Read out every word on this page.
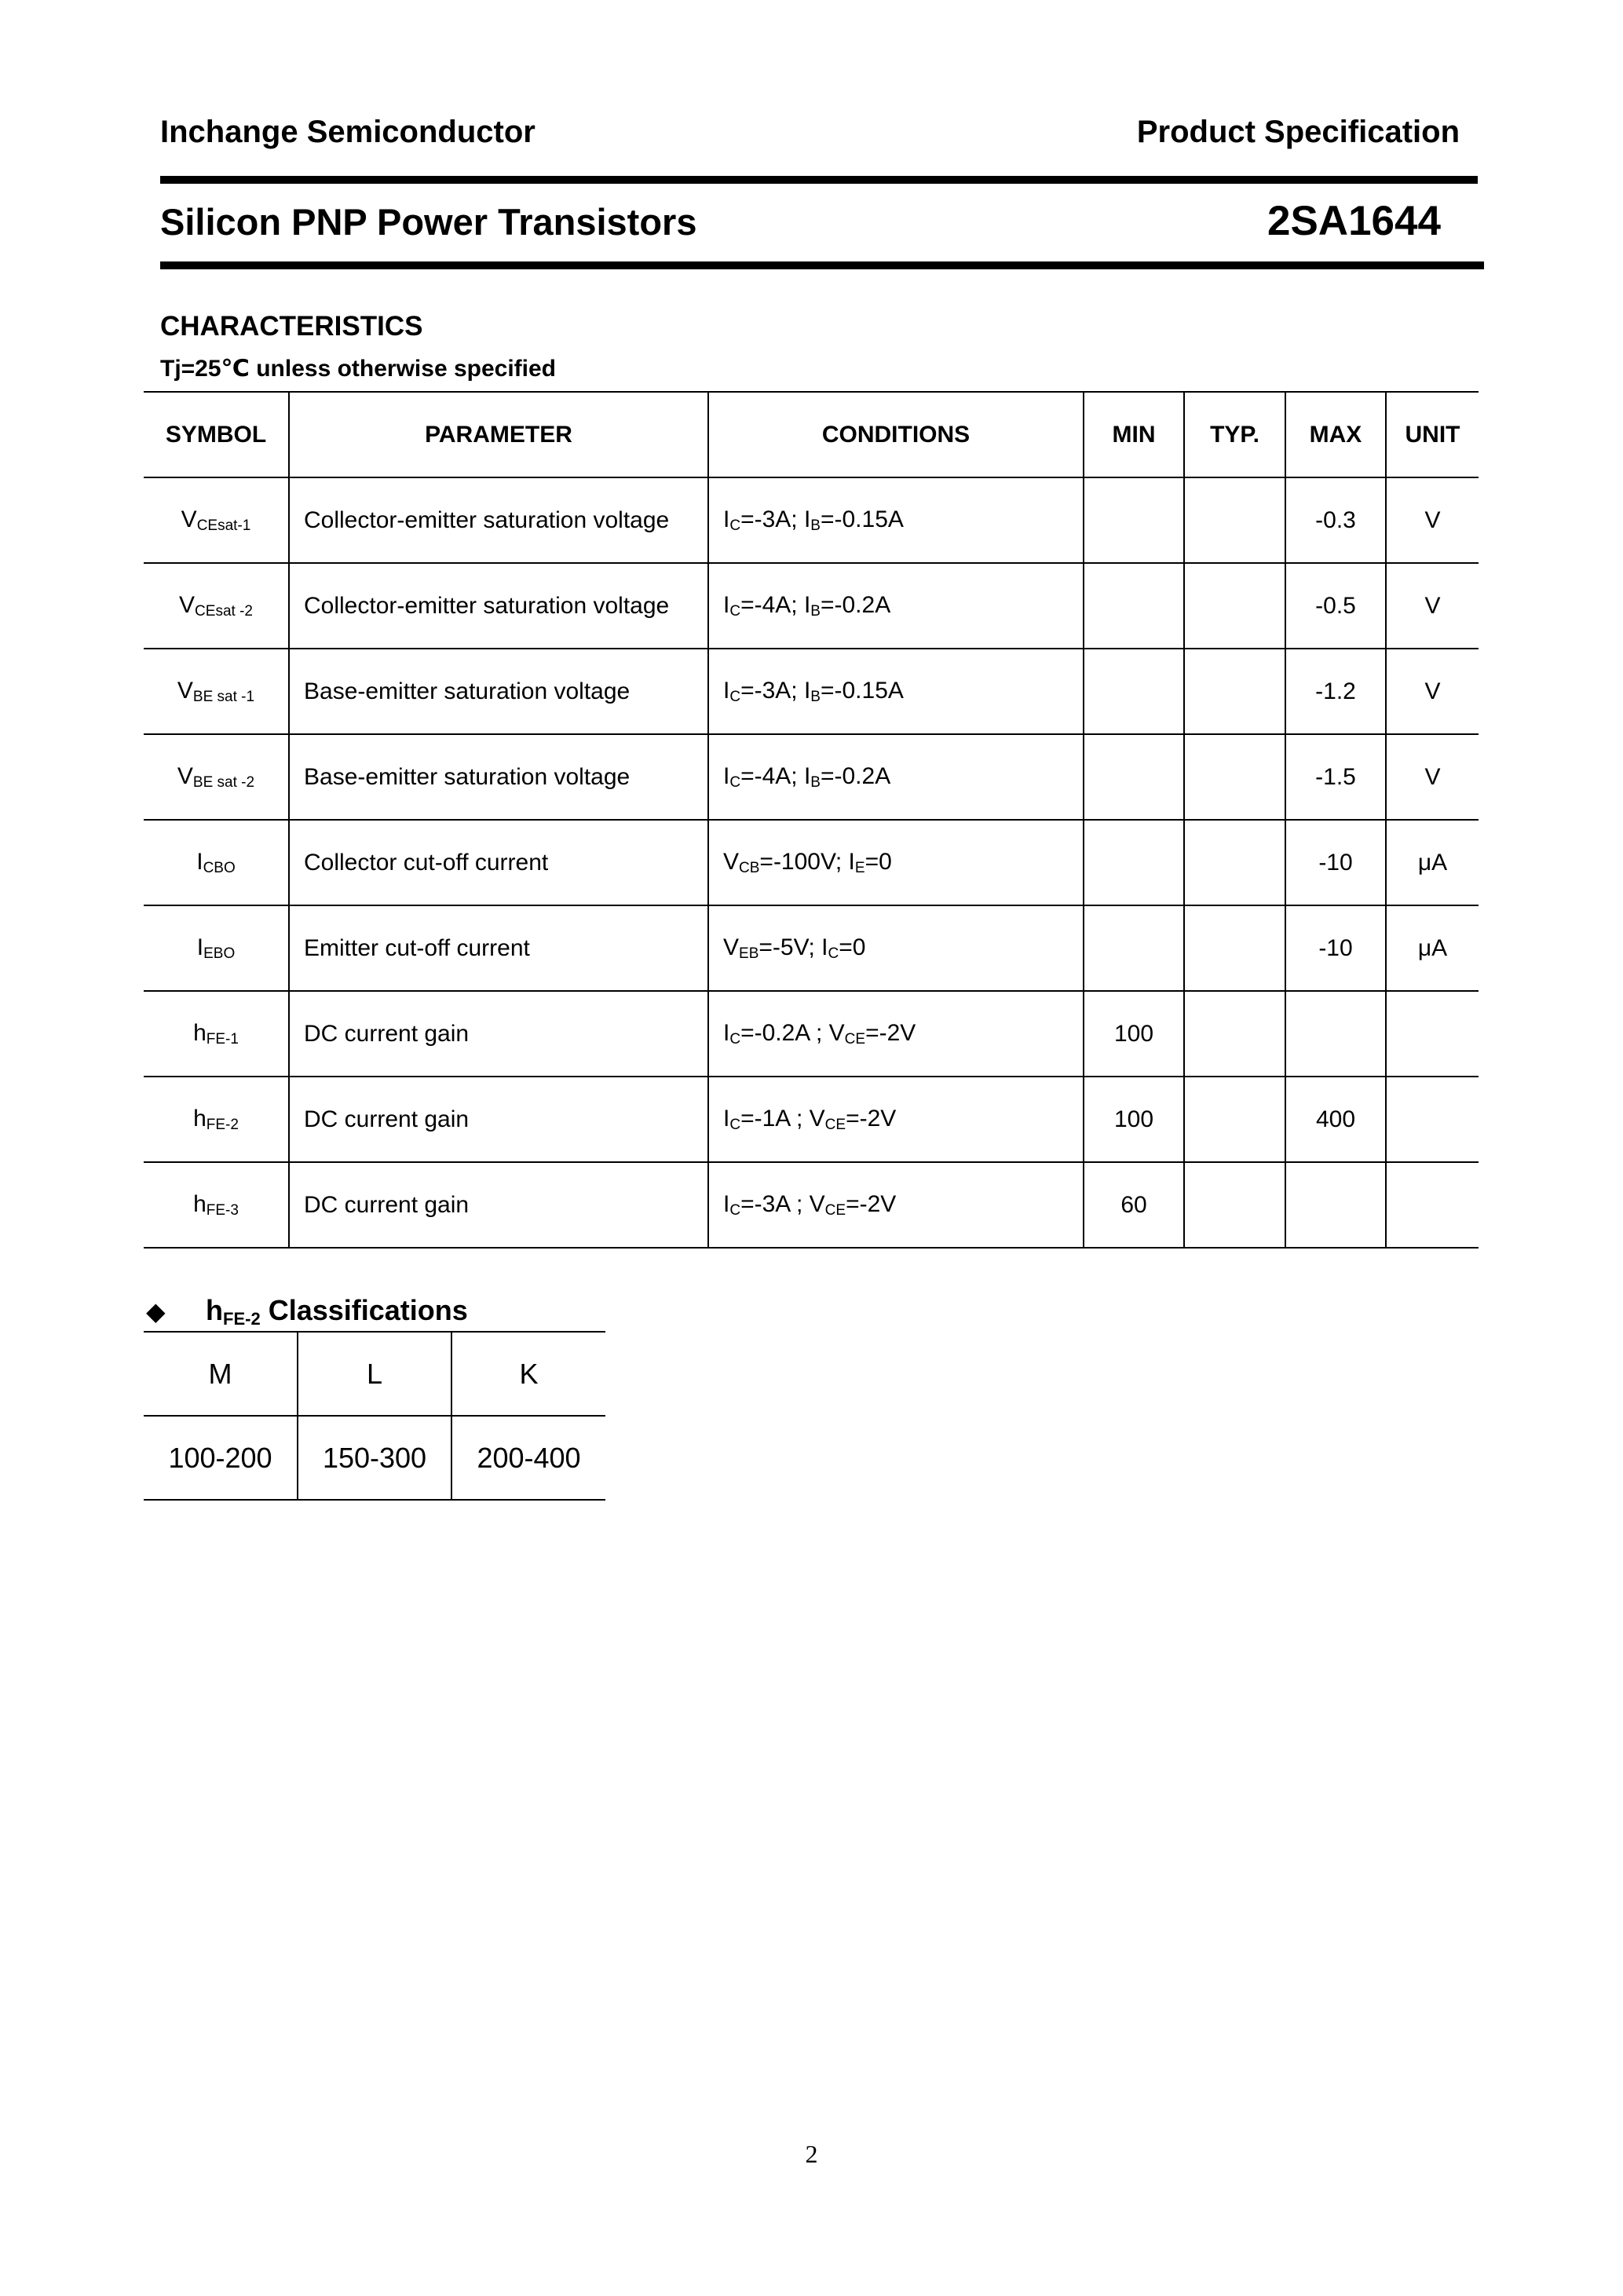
Inchange Semiconductor	Product Specification
Silicon PNP Power Transistors	2SA1644
CHARACTERISTICS
Tj=25℃ unless otherwise specified
SYMBOL	PARAMETER	CONDITIONS	MIN	TYP.	MAX	UNIT
$V_{CEsat-1}$	Collector-emitter saturation voltage	$I_C=-3A$; $I_B=-0.15A$			-0.3	V
$V_{CEsat -2}$	Collector-emitter saturation voltage	$I_C=-4A$; $I_B=-0.2A$			-0.5	V
$V_{BE sat -1}$	Base-emitter saturation voltage	$I_C=-3A$; $I_B=-0.15A$			-1.2	V
$V_{BE sat -2}$	Base-emitter saturation voltage	$I_C=-4A$; $I_B=-0.2A$			-1.5	V
$I_{CBO}$	Collector cut-off current	$V_{CB}=-100V$; $I_E=0$			-10	μA
$I_{EBO}$	Emitter cut-off current	$V_{EB}=-5V$; $I_C=0$			-10	μA
$h_{FE-1}$	DC current gain	$I_C=-0.2A$ ; $V_{CE}=-2V$	100			
$h_{FE-2}$	DC current gain	$I_C=-1A$ ; $V_{CE}=-2V$	100		400	
$h_{FE-3}$	DC current gain	$I_C=-3A$ ; $V_{CE}=-2V$	60			
◆ $h_{FE-2}$ Classifications
M	L	K
100-200	150-300	200-400
2
